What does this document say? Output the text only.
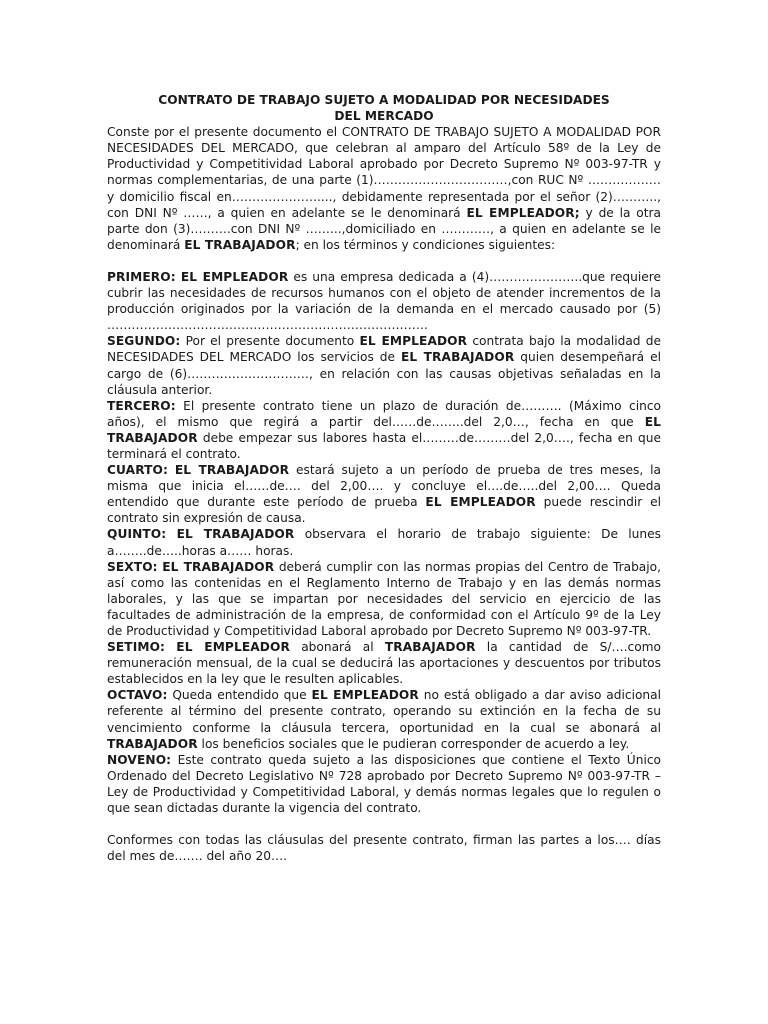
CONTRATO DE TRABAJO SUJETO A MODALIDAD POR NECESIDADES
DEL MERCADO

Conste por el presente documento el CONTRATO DE TRABAJO SUJETO A MODALIDAD POR NECESIDADES DEL MERCADO, que celebran al amparo del Artículo 58º de la Ley de Productividad y Competitividad Laboral aprobado por Decreto Supremo Nº 003-97-TR y normas complementarias, de una parte (1)……………………………,con RUC Nº ………………y domicilio fiscal en…………………...., debidamente representada por el señor (2)……….., con DNI Nº ……, a quien en adelante se le denominará EL EMPLEADOR; y de la otra parte don (3)……….con DNI Nº ……...,domiciliado en …………, a quien en adelante se le denominará EL TRABAJADOR; en los términos y condiciones siguientes:

PRIMERO: EL EMPLEADOR es una empresa dedicada a (4)…………………..que requiere cubrir las necesidades de recursos humanos con el objeto de atender incrementos de la producción originados por la variación de la demanda en el mercado causado por (5) …………………………………………………………………….

SEGUNDO: Por el presente documento EL EMPLEADOR contrata bajo la modalidad de NECESIDADES DEL MERCADO los servicios de EL TRABAJADOR quien desempeñará el cargo de (6)…………………………, en relación con las causas objetivas señaladas en la cláusula anterior.

TERCERO: El presente contrato tiene un plazo de duración de………. (Máximo cinco años), el mismo que regirá a partir del……de……..del 2,0…, fecha en que EL TRABAJADOR debe empezar sus labores hasta el………de………del 2,0…., fecha en que terminará el contrato.

CUARTO: EL TRABAJADOR estará sujeto a un período de prueba de tres meses, la misma que inicia el……de…. del 2,00…. y concluye el….de…..del 2,00…. Queda entendido que durante este período de prueba EL EMPLEADOR puede rescindir el contrato sin expresión de causa.

QUINTO: EL TRABAJADOR observara el horario de trabajo siguiente: De lunes a……..de…..horas a…… horas.

SEXTO: EL TRABAJADOR deberá cumplir con las normas propias del Centro de Trabajo, así como las contenidas en el Reglamento Interno de Trabajo y en las demás normas laborales, y las que se impartan por necesidades del servicio en ejercicio de las facultades de administración de la empresa, de conformidad con el Artículo 9º de la Ley de Productividad y Competitividad Laboral aprobado por Decreto Supremo Nº 003-97-TR.

SETIMO: EL EMPLEADOR abonará al TRABAJADOR la cantidad de S/….como remuneración mensual, de la cual se deducirá las aportaciones y descuentos por tributos establecidos en la ley que le resulten aplicables.

OCTAVO: Queda entendido que EL EMPLEADOR no está obligado a dar aviso adicional referente al término del presente contrato, operando su extinción en la fecha de su vencimiento conforme la cláusula tercera, oportunidad en la cual se abonará al TRABAJADOR los beneficios sociales que le pudieran corresponder de acuerdo a ley.

NOVENO: Este contrato queda sujeto a las disposiciones que contiene el Texto Único Ordenado del Decreto Legislativo Nº 728 aprobado por Decreto Supremo Nº 003-97-TR – Ley de Productividad y Competitividad Laboral, y demás normas legales que lo regulen o que sean dictadas durante la vigencia del contrato.

Conformes con todas las cláusulas del presente contrato, firman las partes a los…. días del mes de……. del año 20….
